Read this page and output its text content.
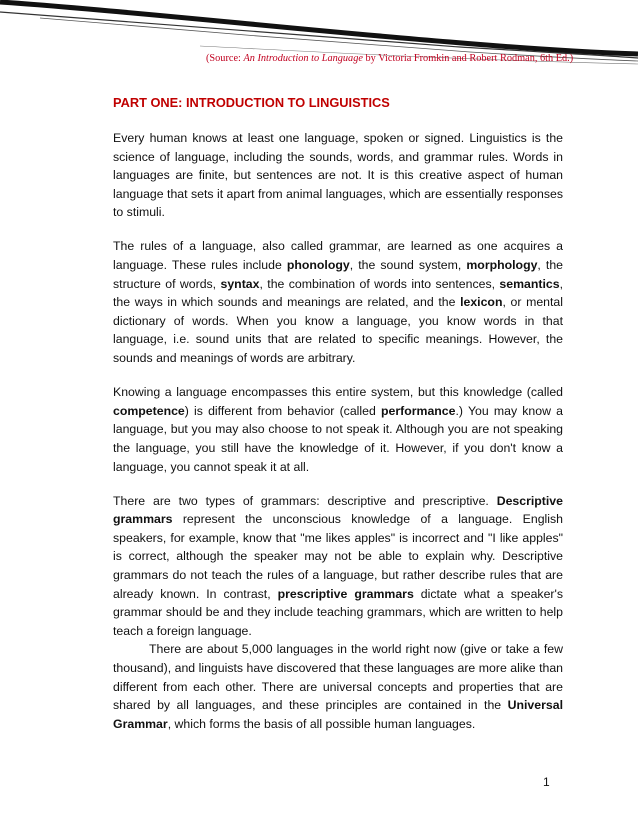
(Source: An Introduction to Language by Victoria Fromkin and Robert Rodman, 6th Ed.)
PART ONE: INTRODUCTION TO LINGUISTICS

Every human knows at least one language, spoken or signed. Linguistics is the science of language, including the sounds, words, and grammar rules. Words in languages are finite, but sentences are not. It is this creative aspect of human language that sets it apart from animal languages, which are essentially responses to stimuli.

The rules of a language, also called grammar, are learned as one acquires a language. These rules include phonology, the sound system, morphology, the structure of words, syntax, the combination of words into sentences, semantics, the ways in which sounds and meanings are related, and the lexicon, or mental dictionary of words. When you know a language, you know words in that language, i.e. sound units that are related to specific meanings. However, the sounds and meanings of words are arbitrary.

Knowing a language encompasses this entire system, but this knowledge (called competence) is different from behavior (called performance.) You may know a language, but you may also choose to not speak it. Although you are not speaking the language, you still have the knowledge of it. However, if you don't know a language, you cannot speak it at all.

There are two types of grammars: descriptive and prescriptive. Descriptive grammars represent the unconscious knowledge of a language. English speakers, for example, know that "me likes apples" is incorrect and "I like apples" is correct, although the speaker may not be able to explain why. Descriptive grammars do not teach the rules of a language, but rather describe rules that are already known. In contrast, prescriptive grammars dictate what a speaker's grammar should be and they include teaching grammars, which are written to help teach a foreign language.

There are about 5,000 languages in the world right now (give or take a few thousand), and linguists have discovered that these languages are more alike than different from each other. There are universal concepts and properties that are shared by all languages, and these principles are contained in the Universal Grammar, which forms the basis of all possible human languages.

1
